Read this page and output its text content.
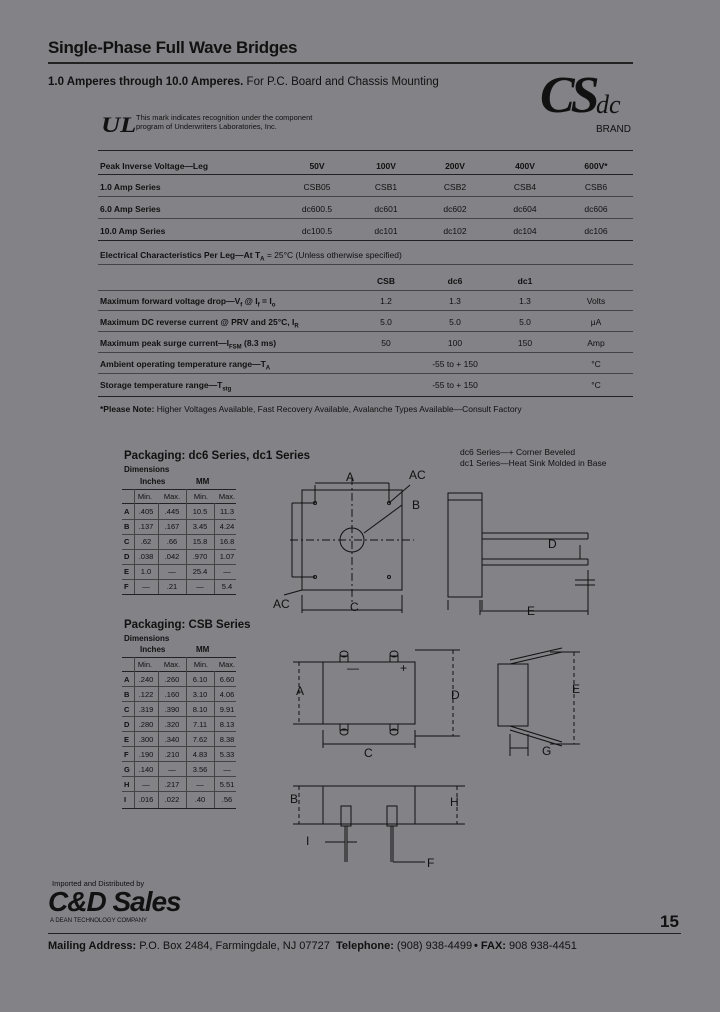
Single-Phase Full Wave Bridges
1.0 Amperes through 10.0 Amperes. For P.C. Board and Chassis Mounting CS dc
BRAND
UL This mark indicates recognition under the component program of Underwriters Laboratories, Inc.
Peak Inverse Voltage—Leg	50V	100V	200V	400V	600V*
1.0 Amp Series	CSB05	CSB1	CSB2	CSB4	CSB6
6.0 Amp Series	dc600.5	dc601	dc602	dc604	dc606
10.0 Amp Series	dc100.5	dc101	dc102	dc104	dc106
Electrical Characteristics Per Leg—At $T_A = 25^\circ C$ (Unless otherwise specified)
CSB	dc6	dc1
Maximum forward voltage $drop—V_f$ @ $I_f = I_o$	1.2	1.3	1.3	Volts
Maximum DC reverse current @ PRV and 25°C, $I_R$	5.0	5.0	5.0	μA
Maximum peak surge $current—I_{FSM}$ (8.3 ms)	50	100	150	Amp
Ambient operating temperature $range—T_A$	-55 to + 150	°C
Storage temperature $range—T_{stg}$	-55 to + 150	°C
*Please Note: Higher Voltages Available, Fast Recovery Available, Avalanche Types Available—Consult Factory
Packaging: dc6 Series, dc1 Series
Dimensions
Inches	MM
Min. Max. Min. Max.
A .405 .445 10.5 11.3
B .137 .167 3.45 4.24
C .62 .66 15.8 16.8
D .038 .042 .970 1.07
E 1.0 — 25.4 —
F — .21	— 5.4
A	AC
B
AC	C
dc6 Series—+ Corner Beveled
dc1 Series—Heat Sink Molded in Base
D
E
Packaging: CSB Series
Dimensions
Inches	MM
Min. Max. Min. Max.
A .240 .260 6.10 6.60
B .122 .160 3.10 4.06
C .319 .390 8.10 9.91
D .280 .320 7.11 8.13
E .300 .340 7.62 8.38
F .190 .210 4.83 5.33
G .140 — 3.56 —
H — .217 — 5.51
I .016 .022 .40 .56
—	+
A	D
C
E
G
B	H
I
F
Imported and Distributed by
C&D Sales
A DEAN TECHNOLOGY COMPANY	15
Mailing Address: P.O. Box 2484, Farmingdale, NJ 07727 Telephone: (908) 938-4499 • FAX: 908 938-4451
